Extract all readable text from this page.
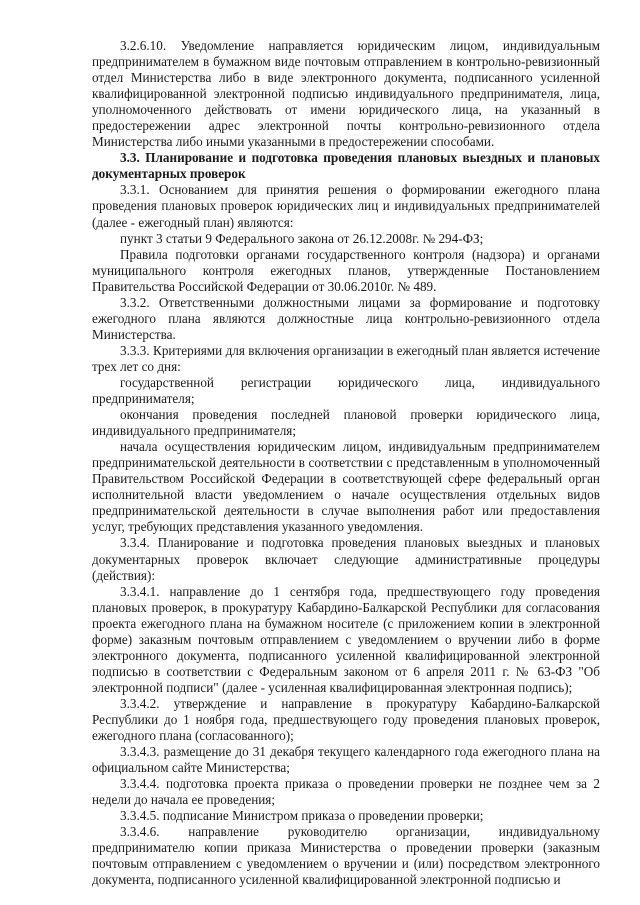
3.2.6.10. Уведомление направляется юридическим лицом, индивидуальным предпринимателем в бумажном виде почтовым отправлением в контрольно-ревизионный отдел Министерства либо в виде электронного документа, подписанного усиленной квалифицированной электронной подписью индивидуального предпринимателя, лица, уполномоченного действовать от имени юридического лица, на указанный в предостережении адрес электронной почты контрольно-ревизионного отдела Министерства либо иными указанными в предостережении способами.

3.3. Планирование и подготовка проведения плановых выездных и плановых документарных проверок

3.3.1. Основанием для принятия решения о формировании ежегодного плана проведения плановых проверок юридических лиц и индивидуальных предпринимателей (далее - ежегодный план) являются:

пункт 3 статьи 9 Федерального закона от 26.12.2008г. № 294-ФЗ;

Правила подготовки органами государственного контроля (надзора) и органами муниципального контроля ежегодных планов, утвержденные Постановлением Правительства Российской Федерации от 30.06.2010г. № 489.

3.3.2. Ответственными должностными лицами за формирование и подготовку ежегодного плана являются должностные лица контрольно-ревизионного отдела Министерства.

3.3.3. Критериями для включения организации в ежегодный план является истечение трех лет со дня:

государственной регистрации юридического лица, индивидуального предпринимателя;

окончания проведения последней плановой проверки юридического лица, индивидуального предпринимателя;

начала осуществления юридическим лицом, индивидуальным предпринимателем предпринимательской деятельности в соответствии с представленным в уполномоченный Правительством Российской Федерации в соответствующей сфере федеральный орган исполнительной власти уведомлением о начале осуществления отдельных видов предпринимательской деятельности в случае выполнения работ или предоставления услуг, требующих представления указанного уведомления.

3.3.4. Планирование и подготовка проведения плановых выездных и плановых документарных проверок включает следующие административные процедуры (действия):

3.3.4.1. направление до 1 сентября года, предшествующего году проведения плановых проверок, в прокуратуру Кабардино-Балкарской Республики для согласования проекта ежегодного плана на бумажном носителе (с приложением копии в электронной форме) заказным почтовым отправлением с уведомлением о вручении либо в форме электронного документа, подписанного усиленной квалифицированной электронной подписью в соответствии с Федеральным законом от 6 апреля 2011 г. № 63-ФЗ "Об электронной подписи" (далее - усиленная квалифицированная электронная подпись);

3.3.4.2. утверждение и направление в прокуратуру Кабардино-Балкарской Республики до 1 ноября года, предшествующего году проведения плановых проверок, ежегодного плана (согласованного);

3.3.4.3. размещение до 31 декабря текущего календарного года ежегодного плана на официальном сайте Министерства;

3.3.4.4. подготовка проекта приказа о проведении проверки не позднее чем за 2 недели до начала ее проведения;

3.3.4.5. подписание Министром приказа о проведении проверки;

3.3.4.6. направление руководителю организации, индивидуальному предпринимателю копии приказа Министерства о проведении проверки (заказным почтовым отправлением с уведомлением о вручении и (или) посредством электронного документа, подписанного усиленной квалифицированной электронной подписью и
